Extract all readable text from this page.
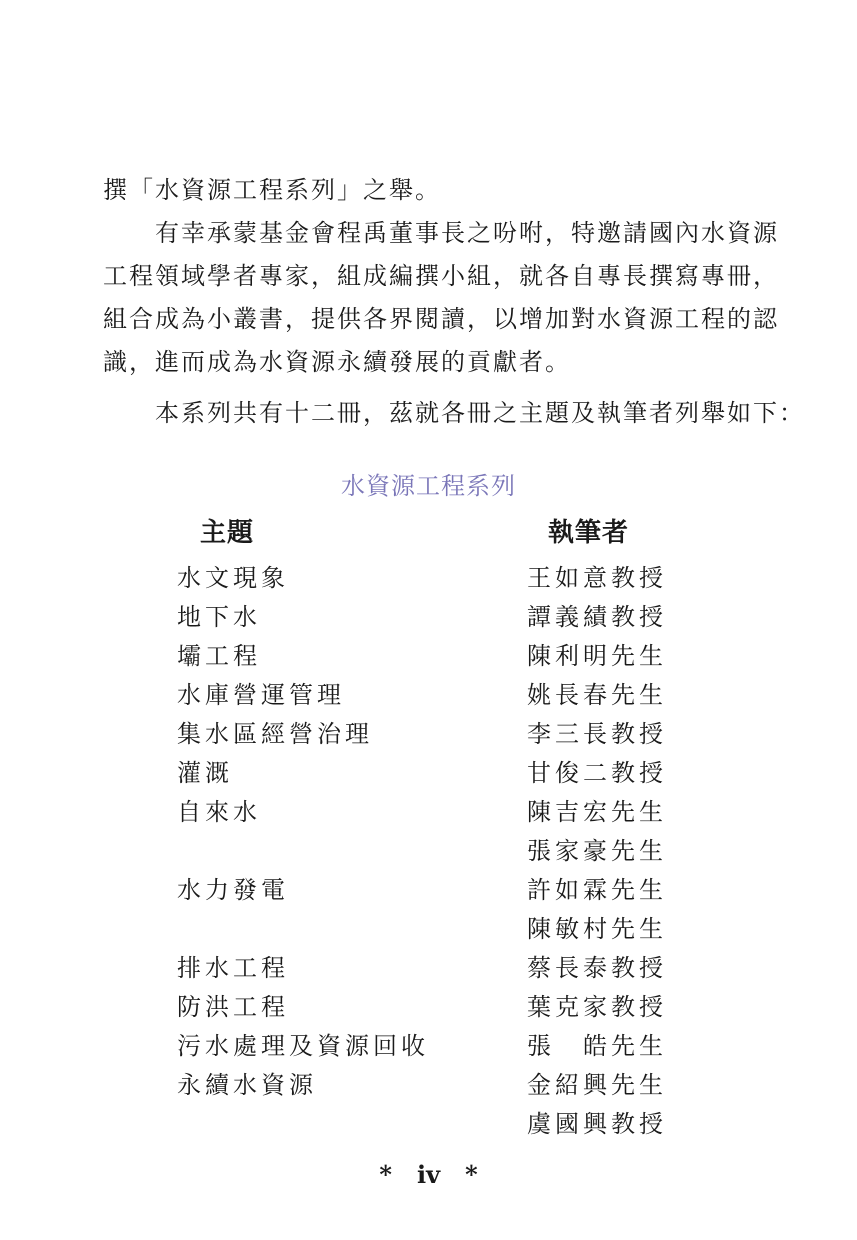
撰「水資源工程系列」之舉。
　　有幸承蒙基金會程禹董事長之吩咐，特邀請國內水資源
工程領域學者專家，組成編撰小組，就各自專長撰寫專冊，
組合成為小叢書，提供各界閱讀，以增加對水資源工程的認
識，進而成為水資源永續發展的貢獻者。
　　本系列共有十二冊，茲就各冊之主題及執筆者列舉如下：
水資源工程系列
主題	執筆者
水文現象	王如意教授
地下水	譚義績教授
壩工程	陳利明先生
水庫營運管理	姚長春先生
集水區經營治理	李三長教授
灌溉	甘俊二教授
自來水	陳吉宏先生
張家豪先生
水力發電	許如霖先生
陳敏村先生
排水工程	蔡長泰教授
防洪工程	葉克家教授
污水處理及資源回收	張　皓先生
永續水資源	金紹興先生
虞國興教授
*   iv   *
